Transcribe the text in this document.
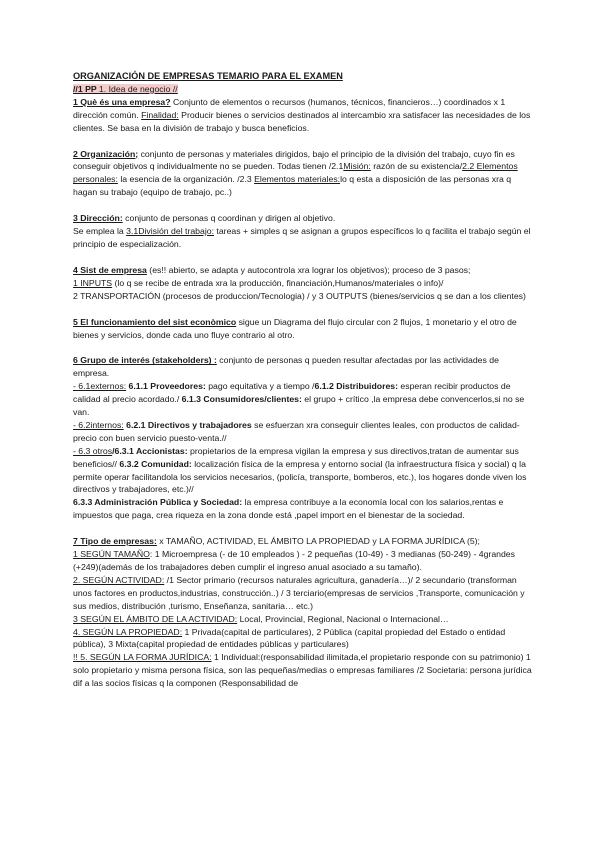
ORGANIZACIÓN DE EMPRESAS TEMARIO PARA EL EXAMEN
//1 PP 1. Idea de negocio //

1 Què és una empresa? Conjunto de elementos o recursos (humanos, técnicos, financieros…) coordinados x 1 dirección común. Finalidad: Producir bienes o servicios destinados al intercambio xra satisfacer las necesidades de los clientes. Se basa en la división de trabajo y busca beneficios.

2 Organización; conjunto de personas y materiales dirigidos, bajo el principio de la división del trabajo, cuyo fin es conseguir objetivos q individualmente no se pueden. Todas tienen /2.1Misión: razón de su existencia/2.2 Elementos personales: la esencia de la organización. /2.3 Elementos materiales:lo q esta a disposición de las personas xra q hagan su trabajo (equipo de trabajo, pc..)

3 Dirección: conjunto de personas q coordinan y dirigen al objetivo.
Se emplea la 3.1División del trabajo: tareas + simples q se asignan a grupos específicos lo q facilita el trabajo según el principio de especialización.

4 Sist de empresa (es!! abierto, se adapta y autocontrola xra lograr los objetivos); proceso de 3 pasos;
1 INPUTS (lo q se recibe de entrada xra la producción, financiación,Humanos/materiales o info)/
2 TRANSPORTACIÓN (procesos de produccion/Tecnologia) / y 3 OUTPUTS (bienes/servicios q se dan a los clientes)

5 El funcionamiento del sist econòmico sigue un Diagrama del flujo circular con 2 flujos, 1 monetario y el otro de bienes y servicios, donde cada uno fluye contrario al otro.

6 Grupo de interés (stakeholders) : conjunto de personas q pueden resultar afectadas por las actividades de empresa.
- 6.1externos: 6.1.1 Proveedores: pago equitativa y a tiempo /6.1.2 Distribuidores: esperan recibir productos de calidad al precio acordado./ 6.1.3 Consumidores/clientes: el grupo + crítico ,la empresa debe convencerlos,si no se van.
- 6.2internos: 6.2.1 Directivos y trabajadores se esfuerzan xra conseguir clientes leales, con productos de calidad-precio con buen servicio puesto-venta.//
- 6.3 otros/6.3.1 Accionistas: propietarios de la empresa vigilan la empresa y sus directivos,tratan de aumentar sus beneficios// 6.3.2 Comunidad: localización física de la empresa y entorno social (la infraestructura física y social) q la permite operar facilitandola los servicios necesarios, (policía, transporte, bomberos, etc.), los hogares donde viven los directivos y trabajadores, etc.)//
6.3.3 Administración Pública y Sociedad: la empresa contribuye a la economía local con los salarios,rentas e impuestos que paga, crea riqueza en la zona donde está ,papel import en el bienestar de la sociedad.

7 Tipo de empresas: x TAMAÑO, ACTIVIDAD, EL ÁMBITO LA PROPIEDAD y LA FORMA JURÍDICA (5);
1 SEGÚN TAMAÑO: 1 Microempresa (- de 10 empleados ) - 2 pequeñas (10-49) - 3 medianas (50-249) - 4grandes (+249)(además de los trabajadores deben cumplir el ingreso anual asociado a su tamaño).
2. SEGÚN ACTIVIDAD: /1 Sector primario (recursos naturales agricultura, ganadería…)/ 2 secundario (transforman unos factores en productos,industrias, construcción..) / 3 terciario(empresas de servicios ,Transporte, comunicación y sus medios, distribución ,turismo, Enseñanza, sanitaria… etc.)
3 SEGÚN EL ÁMBITO DE LA ACTIVIDAD: Local, Provincial, Regional, Nacional o Internacional…
4. SEGÚN LA PROPIEDAD: 1 Privada(capital de particulares), 2 Pública (capital propiedad del Estado o entidad pública), 3 Mixta(capital propiedad de entidades públicas y particulares)
!! 5. SEGÚN LA FORMA JURÍDICA: 1 Individual:(responsabilidad ilimitada,el propietario responde con su patrimonio) 1 solo propietario y misma persona física, son las pequeñas/medias o empresas familiares /2 Societaria: persona jurídica dif a las socios físicas q la componen (Responsabilidad de
